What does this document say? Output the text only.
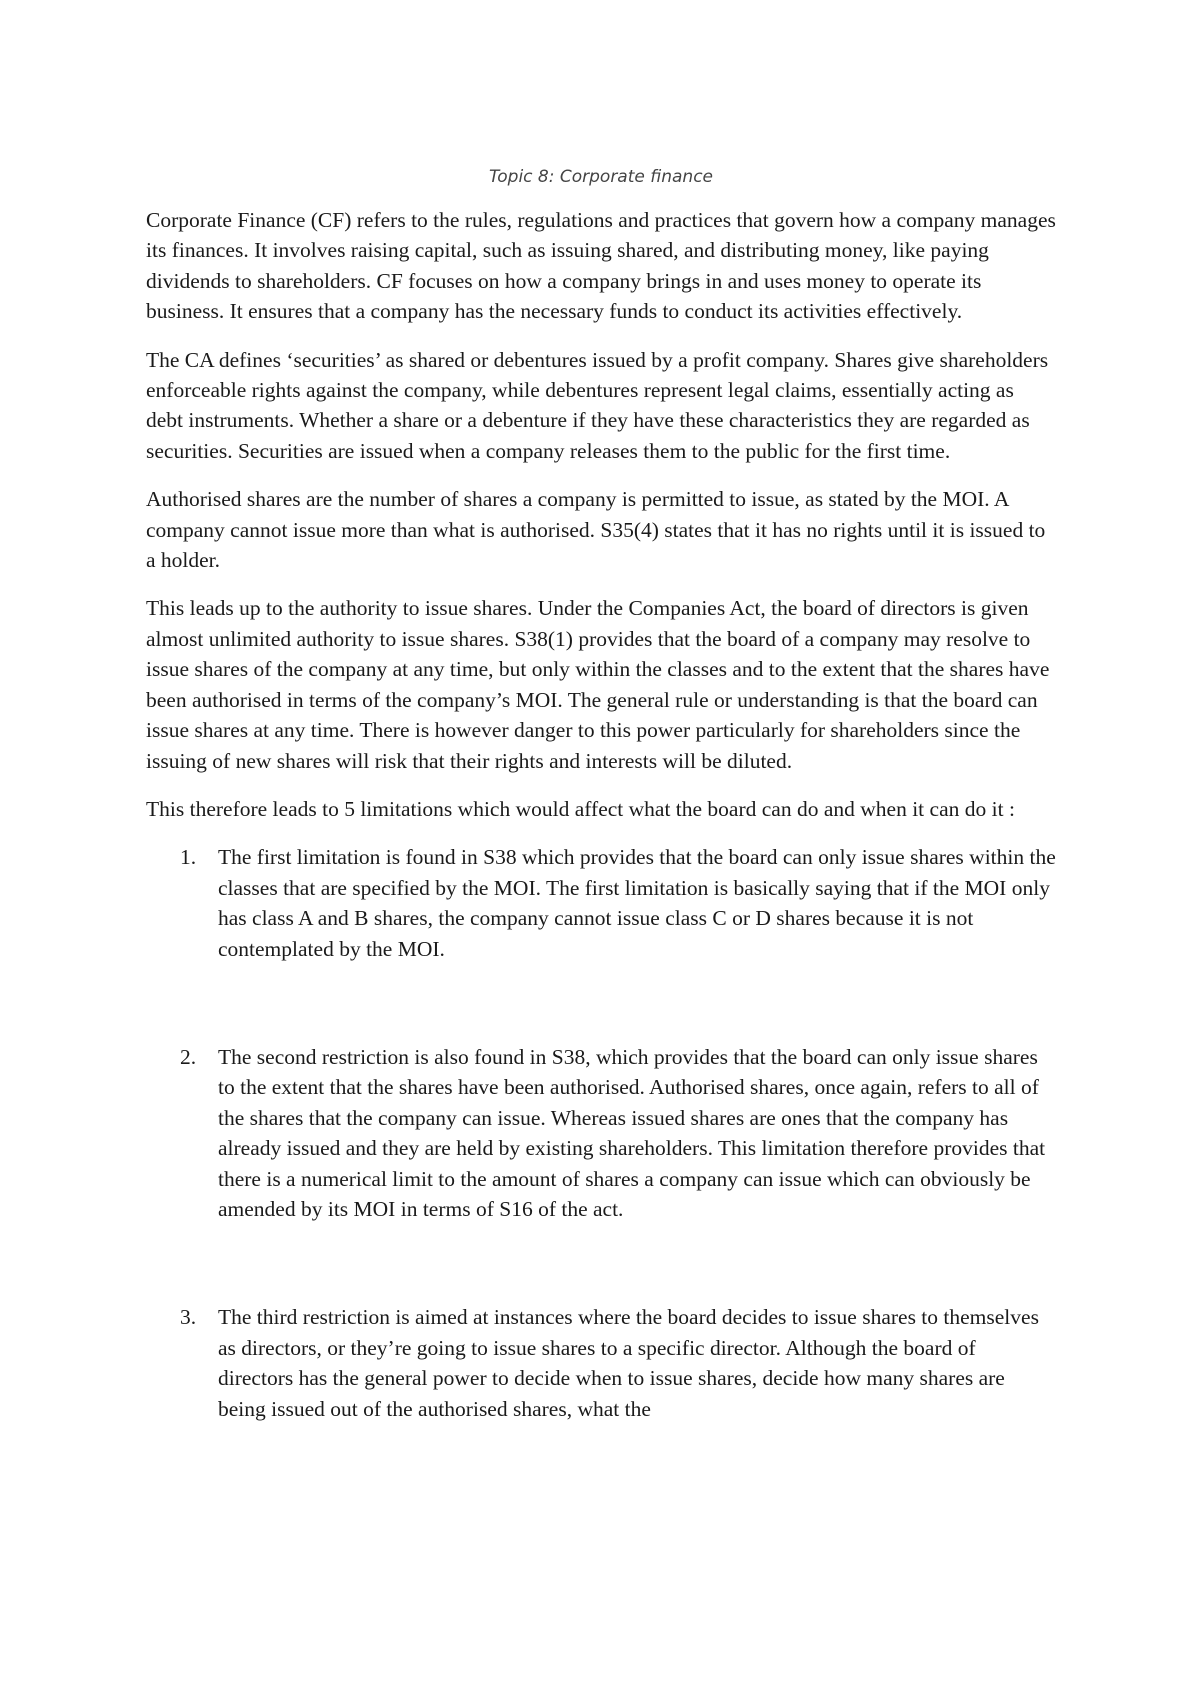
Topic 8: Corporate finance

Corporate Finance (CF) refers to the rules, regulations and practices that govern how a company manages its finances. It involves raising capital, such as issuing shared, and distributing money, like paying dividends to shareholders. CF focuses on how a company brings in and uses money to operate its business. It ensures that a company has the necessary funds to conduct its activities effectively.

The CA defines ‘securities’ as shared or debentures issued by a profit company. Shares give shareholders enforceable rights against the company, while debentures represent legal claims, essentially acting as debt instruments. Whether a share or a debenture if they have these characteristics they are regarded as securities. Securities are issued when a company releases them to the public for the first time.

Authorised shares are the number of shares a company is permitted to issue, as stated by the MOI. A company cannot issue more than what is authorised. S35(4) states that it has no rights until it is issued to a holder.

This leads up to the authority to issue shares. Under the Companies Act, the board of directors is given almost unlimited authority to issue shares. S38(1) provides that the board of a company may resolve to issue shares of the company at any time, but only within the classes and to the extent that the shares have been authorised in terms of the company’s MOI. The general rule or understanding is that the board can issue shares at any time. There is however danger to this power particularly for shareholders since the issuing of new shares will risk that their rights and interests will be diluted.

This therefore leads to 5 limitations which would affect what the board can do and when it can do it :

1. The first limitation is found in S38 which provides that the board can only issue shares within the classes that are specified by the MOI. The first limitation is basically saying that if the MOI only has class A and B shares, the company cannot issue class C or D shares because it is not contemplated by the MOI.
2. The second restriction is also found in S38, which provides that the board can only issue shares to the extent that the shares have been authorised. Authorised shares, once again, refers to all of the shares that the company can issue. Whereas issued shares are ones that the company has already issued and they are held by existing shareholders. This limitation therefore provides that there is a numerical limit to the amount of shares a company can issue which can obviously be amended by its MOI in terms of S16 of the act.
3. The third restriction is aimed at instances where the board decides to issue shares to themselves as directors, or they’re going to issue shares to a specific director. Although the board of directors has the general power to decide when to issue shares, decide how many shares are being issued out of the authorised shares, what the
